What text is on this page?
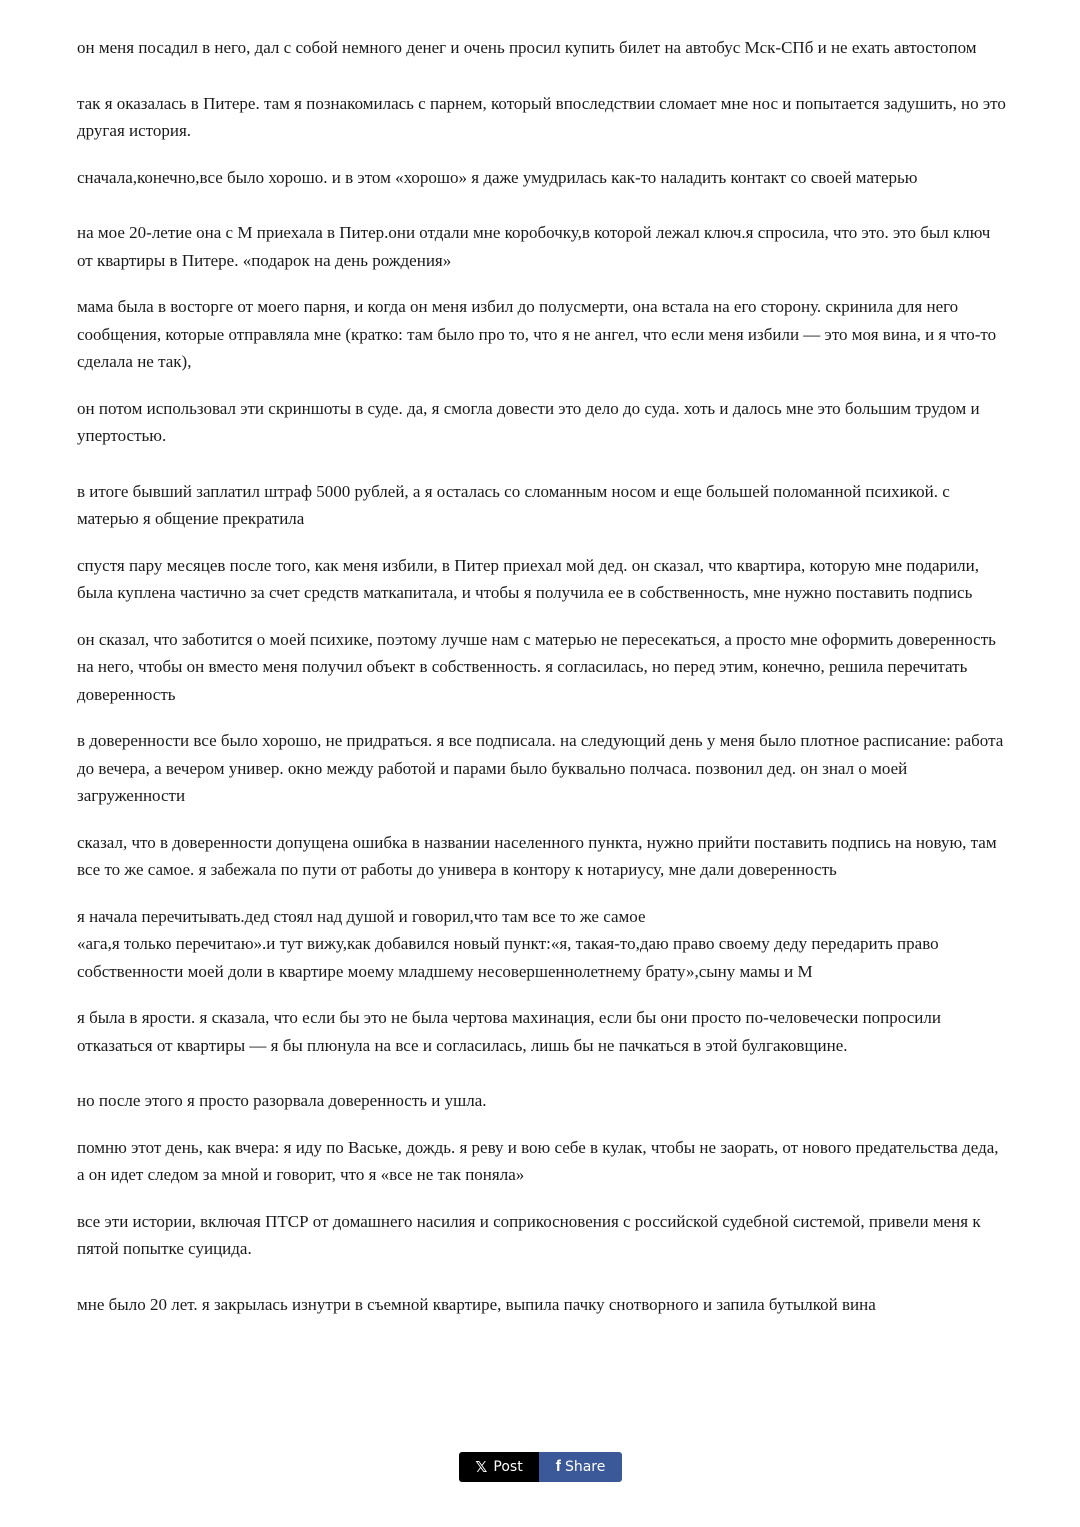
он меня посадил в него, дал с собой немного денег и очень просил купить билет на автобус Мск-СПб и не ехать автостопом

так я оказалась в Питере. там я познакомилась с парнем, который впоследствии сломает мне нос и попытается задушить, но это другая история.

сначала,конечно,все было хорошо. и в этом «хорошо» я даже умудрилась как-то наладить контакт со своей матерью

на мое 20-летие она с М приехала в Питер.они отдали мне коробочку,в которой лежал ключ.я спросила, что это. это был ключ от квартиры в Питере. «подарок на день рождения»

мама была в восторге от моего парня, и когда он меня избил до полусмерти, она встала на его сторону. скринила для него сообщения, которые отправляла мне (кратко: там было про то, что я не ангел, что если меня избили — это моя вина, и я что-то сделала не так),

он потом использовал эти скриншоты в суде. да, я смогла довести это дело до суда. хоть и далось мне это большим трудом и упертостью.

в итоге бывший заплатил штраф 5000 рублей, а я осталась со сломанным носом и еще большей поломанной психикой. с матерью я общение прекратила

спустя пару месяцев после того, как меня избили, в Питер приехал мой дед. он сказал, что квартира, которую мне подарили, была куплена частично за счет средств маткапитала, и чтобы я получила ее в собственность, мне нужно поставить подпись

он сказал, что заботится о моей психике, поэтому лучше нам с матерью не пересекаться, а просто мне оформить доверенность на него, чтобы он вместо меня получил объект в собственность. я согласилась, но перед этим, конечно, решила перечитать доверенность

в доверенности все было хорошо, не придраться. я все подписала. на следующий день у меня было плотное расписание: работа до вечера, а вечером универ. окно между работой и парами было буквально полчаса. позвонил дед. он знал о моей загруженности

сказал, что в доверенности допущена ошибка в названии населенного пункта, нужно прийти поставить подпись на новую, там все то же самое. я забежала по пути от работы до универа в контору к нотариусу, мне дали доверенность

я начала перечитывать.дед стоял над душой и говорил,что там все то же самое
«ага,я только перечитаю».и тут вижу,как добавился новый пункт:«я, такая-то,даю право своему деду передарить право собственности моей доли в квартире моему младшему несовершеннолетнему брату»,сыну мамы и М

я была в ярости. я сказала, что если бы это не была чертова махинация, если бы они просто по-человечески попросили отказаться от квартиры — я бы плюнула на все и согласилась, лишь бы не пачкаться в этой булгаковщине.

но после этого я просто разорвала доверенность и ушла.

помню этот день, как вчера: я иду по Ваське, дождь. я реву и вою себе в кулак, чтобы не заорать, от нового предательства деда, а он идет следом за мной и говорит, что я «все не так поняла»

все эти истории, включая ПТСР от домашнего насилия и соприкосновения с российской судебной системой, привели меня к пятой попытке суицида.

мне было 20 лет. я закрылась изнутри в съемной квартире, выпила пачку снотворного и запила бутылкой вина

𝕏 Post f Share
